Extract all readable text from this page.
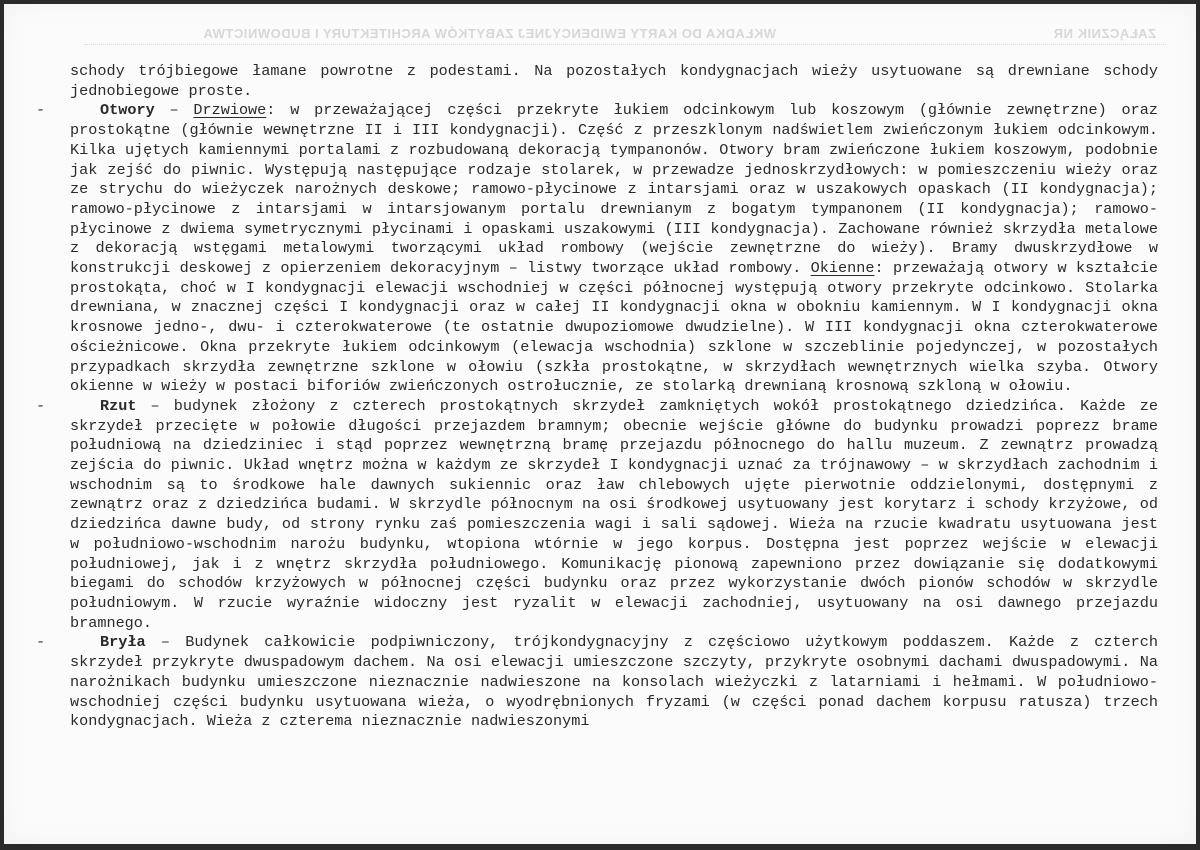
WKŁADKA DO KARTY EWIDENCYJNEJ ZABYTKÓW ARCHITEKTURY I BUDOWNICTWA	ZAŁĄCZNIK NR

schody trójbiegowe łamane powrotne z podestami. Na pozostałych kondygnacjach wieży usytuowane są drewniane schody jednobiegowe proste.

-	Otwory – Drzwiowe: w przeważającej części przekryte łukiem odcinkowym lub koszowym (głównie zewnętrzne) oraz prostokątne (głównie wewnętrzne II i III kondygnacji). Część z przeszklonym nadświetlem zwieńczonym łukiem odcinkowym. Kilka ujętych kamiennymi portalami z rozbudowaną dekoracją tympanonów. Otwory bram zwieńczone łukiem koszowym, podobnie jak zejść do piwnic. Występują następujące rodzaje stolarek, w przewadze jednoskrzydłowych: w pomieszczeniu wieży oraz ze strychu do wieżyczek narożnych deskowe; ramowo-płycinowe z intarsjami oraz w uszakowych opaskach (II kondygnacja); ramowo-płycinowe z intarsjami w intarsjowanym portalu drewnianym z bogatym tympanonem (II kondygnacja); ramowo-płycinowe z dwiema symetrycznymi płycinami i opaskami uszakowymi (III kondygnacja). Zachowane również skrzydła metalowe z dekoracją wstęgami metalowymi tworzącymi układ rombowy (wejście zewnętrzne do wieży). Bramy dwuskrzydłowe w konstrukcji deskowej z opierzeniem dekoracyjnym – listwy tworzące układ rombowy. Okienne: przeważają otwory w kształcie prostokąta, choć w I kondygnacji elewacji wschodniej w części północnej występują otwory przekryte odcinkowo. Stolarka drewniana, w znacznej części I kondygnacji oraz w całej II kondygnacji okna w obokniu kamiennym. W I kondygnacji okna krosnowe jedno-, dwu- i czterokwaterowe (te ostatnie dwupoziomowe dwudzielne). W III kondygnacji okna czterokwaterowe ościeżnicowe. Okna przekryte łukiem odcinkowym (elewacja wschodnia) szklone w szczeblinie pojedynczej, w pozostałych przypadkach skrzydła zewnętrzne szklone w ołowiu (szkła prostokątne, w skrzydłach wewnętrznych wielka szyba. Otwory okienne w wieży w postaci biforiów zwieńczonych ostrołucznie, ze stolarką drewnianą krosnową szkloną w ołowiu.

-	Rzut – budynek złożony z czterech prostokątnych skrzydeł zamkniętych wokół prostokątnego dziedzińca. Każde ze skrzydeł przecięte w połowie długości przejazdem bramnym; obecnie wejście główne do budynku prowadzi poprezz brame południową na dziedziniec i stąd poprzez wewnętrzną bramę przejazdu północnego do hallu muzeum. Z zewnątrz prowadzą zejścia do piwnic. Układ wnętrz można w każdym ze skrzydeł I kondygnacji uznać za trójnawowy – w skrzydłach zachodnim i wschodnim są to środkowe hale dawnych sukiennic oraz ław chlebowych ujęte pierwotnie oddzielonymi, dostępnymi z zewnątrz oraz z dziedzińca budami. W skrzydle północnym na osi środkowej usytuowany jest korytarz i schody krzyżowe, od dziedzińca dawne budy, od strony rynku zaś pomieszczenia wagi i sali sądowej. Wieża na rzucie kwadratu usytuowana jest w południowo-wschodnim narożu budynku, wtopiona wtórnie w jego korpus. Dostępna jest poprzez wejście w elewacji południowej, jak i z wnętrz skrzydła południowego. Komunikację pionową zapewniono przez dowiązanie się dodatkowymi biegami do schodów krzyżowych w północnej części budynku oraz przez wykorzystanie dwóch pionów schodów w skrzydle południowym. W rzucie wyraźnie widoczny jest ryzalit w elewacji zachodniej, usytuowany na osi dawnego przejazdu bramnego.

-	Bryła – Budynek całkowicie podpiwniczony, trójkondygnacyjny z częściowo użytkowym poddaszem. Każde z czterch skrzydeł przykryte dwuspadowym dachem. Na osi elewacji umieszczone szczyty, przykryte osobnymi dachami dwuspadowymi. Na narożnikach budynku umieszczone nieznacznie nadwieszone na konsolach wieżyczki z latarniami i hełmami. W południowo-wschodniej części budynku usytuowana wieża, o wyodrębnionych fryzami (w części ponad dachem korpusu ratusza) trzech kondygnacjach. Wieża z czterema nieznacznie nadwieszonymi
